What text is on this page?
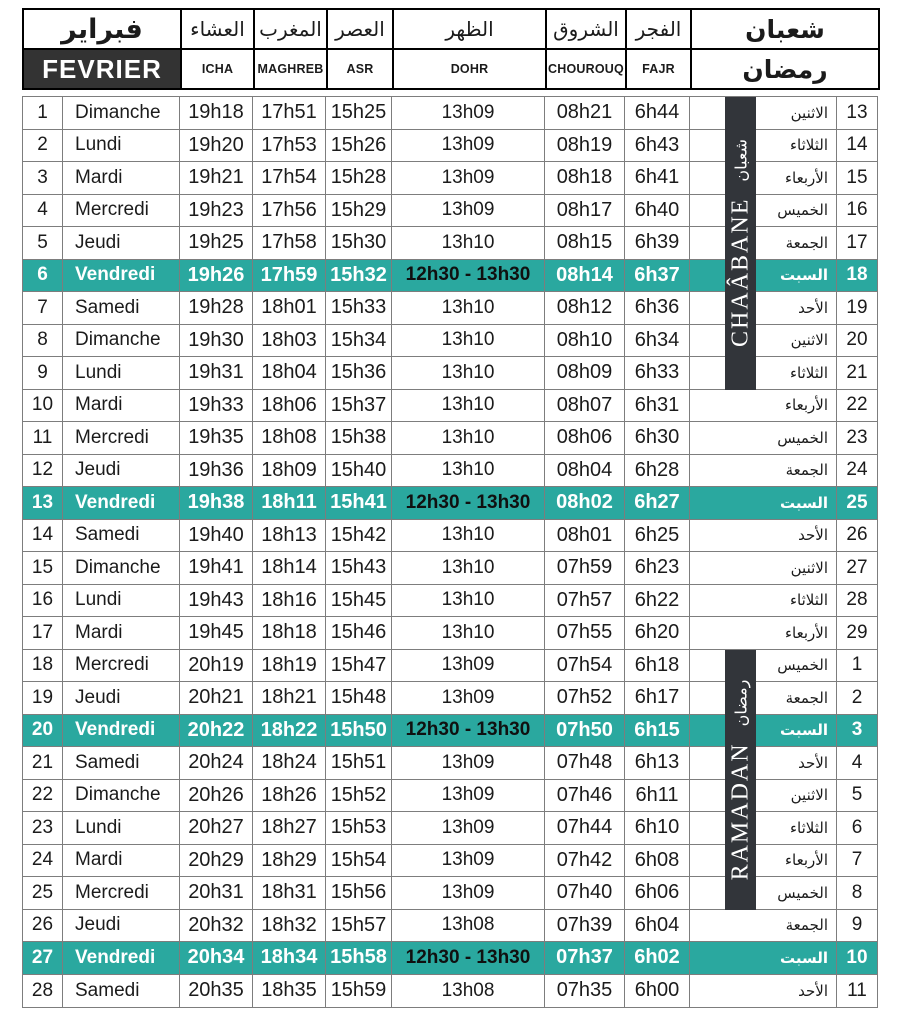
فبراير	العشاء المغرب العصر	الظهر	الشروق الفجر	شعبان
FEVRIER	ICHA	MAGHREB	ASR	DOHR	CHOUROUQ	FAJR	رمضان
CHAÂBANE
شعبان
RAMADAN
رمضان
1	Dimanche	19h18 17h51 15h25	13h09	08h21	6h44	الاثنين 13
2	Lundi	19h20 17h53 15h26	13h09	08h19	6h43	الثلاثاء 14
3	Mardi	19h21 17h54 15h28	13h09	08h18	6h41	الأربعاء 15
4	Mercredi	19h23 17h56 15h29	13h09	08h17	6h40	الخميس 16
5	Jeudi	19h25 17h58 15h30	13h10	08h15	6h39	الجمعة 17
6	Vendredi	19h26 17h59 15h32 12h30 - 13h30	08h14	6h37	السبت 18
7	Samedi	19h28 18h01 15h33	13h10	08h12	6h36	الأحد 19
8	Dimanche	19h30 18h03 15h34	13h10	08h10	6h34	الاثنين 20
9	Lundi	19h31 18h04 15h36	13h10	08h09	6h33	الثلاثاء 21
10	Mardi	19h33 18h06 15h37	13h10	08h07	6h31	الأربعاء 22
11	Mercredi	19h35 18h08 15h38	13h10	08h06	6h30	الخميس 23
12	Jeudi	19h36 18h09 15h40	13h10	08h04	6h28	الجمعة 24
13	Vendredi	19h38 18h11 15h41 12h30 - 13h30	08h02	6h27	السبت 25
14	Samedi	19h40 18h13 15h42	13h10	08h01	6h25	الأحد 26
15	Dimanche	19h41 18h14 15h43	13h10	07h59	6h23	الاثنين 27
16	Lundi	19h43 18h16 15h45	13h10	07h57	6h22	الثلاثاء 28
17	Mardi	19h45 18h18 15h46	13h10	07h55	6h20	الأربعاء 29
18	Mercredi	20h19 18h19 15h47	13h09	07h54	6h18	الخميس	1
19	Jeudi	20h21 18h21 15h48	13h09	07h52	6h17	الجمعة	2
20	Vendredi	20h22 18h22 15h50 12h30 - 13h30	07h50	6h15	السبت	3
21	Samedi	20h24 18h24 15h51	13h09	07h48	6h13	الأحد	4
22	Dimanche	20h26 18h26 15h52	13h09	07h46	6h11	الاثنين	5
23	Lundi	20h27 18h27 15h53	13h09	07h44	6h10	الثلاثاء	6
24	Mardi	20h29 18h29 15h54	13h09	07h42	6h08	الأربعاء	7
25	Mercredi	20h31 18h31 15h56	13h09	07h40	6h06	الخميس	8
26	Jeudi	20h32 18h32 15h57	13h08	07h39	6h04	الجمعة	9
27	Vendredi	20h34 18h34 15h58 12h30 - 13h30	07h37	6h02	السبت 10
28	Samedi	20h35 18h35 15h59	13h08	07h35	6h00	الأحد	11
